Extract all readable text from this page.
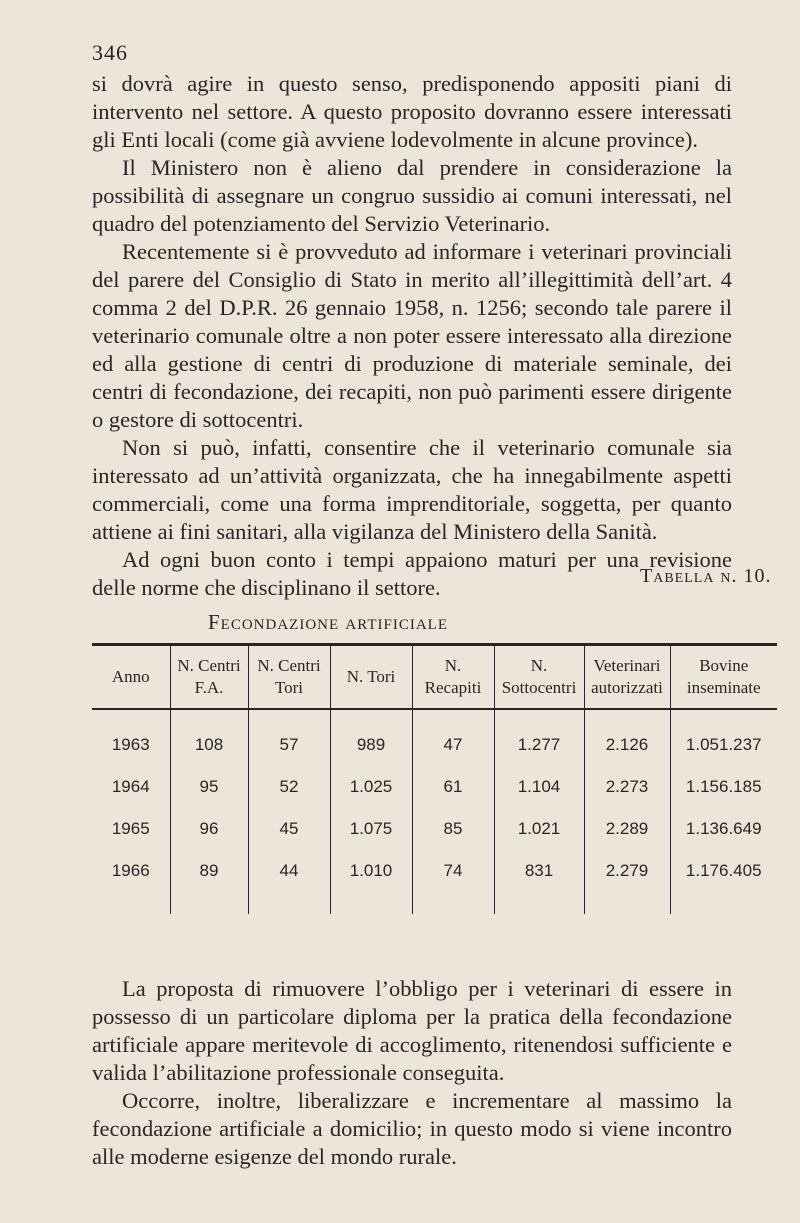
346

si dovrà agire in questo senso, predisponendo appositi piani di intervento nel settore. A questo proposito dovranno essere interessati gli Enti locali (come già avviene lodevolmente in alcune province).

Il Ministero non è alieno dal prendere in considerazione la possibilità di assegnare un congruo sussidio ai comuni interessati, nel quadro del potenziamento del Servizio Veterinario.

Recentemente si è provveduto ad informare i veterinari provinciali del parere del Consiglio di Stato in merito all’illegittimità dell’art. 4 comma 2 del D.P.R. 26 gennaio 1958, n. 1256; secondo tale parere il veterinario comunale oltre a non poter essere interessato alla direzione ed alla gestione di centri di produzione di materiale seminale, dei centri di fecondazione, dei recapiti, non può parimenti essere dirigente o gestore di sottocentri.

Non si può, infatti, consentire che il veterinario comunale sia interessato ad un’attività organizzata, che ha innegabilmente aspetti commerciali, come una forma imprenditoriale, soggetta, per quanto attiene ai fini sanitari, alla vigilanza del Ministero della Sanità.

Ad ogni buon conto i tempi appaiono maturi per una revisione delle norme che disciplinano il settore.	Tabella n. 10.
Fecondazione artificiale
Anno	N. Centri F.A.	N. Centri Tori	N. Tori	N. Recapiti	N. Sottocentri	Veterinari autorizzati	Bovine inseminate
1963	108	57	989	47	1.277	2.126	1.051.237
1964	95	52	1.025	61	1.104	2.273	1.156.185
1965	96	45	1.075	85	1.021	2.289	1.136.649
1966	89	44	1.010	74	831	2.279	1.176.405

La proposta di rimuovere l’obbligo per i veterinari di essere in possesso di un particolare diploma per la pratica della fecondazione artificiale appare meritevole di accoglimento, ritenendosi sufficiente e valida l’abilitazione professionale conseguita.

Occorre, inoltre, liberalizzare e incrementare al massimo la fecondazione artificiale a domicilio; in questo modo si viene incontro alle moderne esigenze del mondo rurale.
